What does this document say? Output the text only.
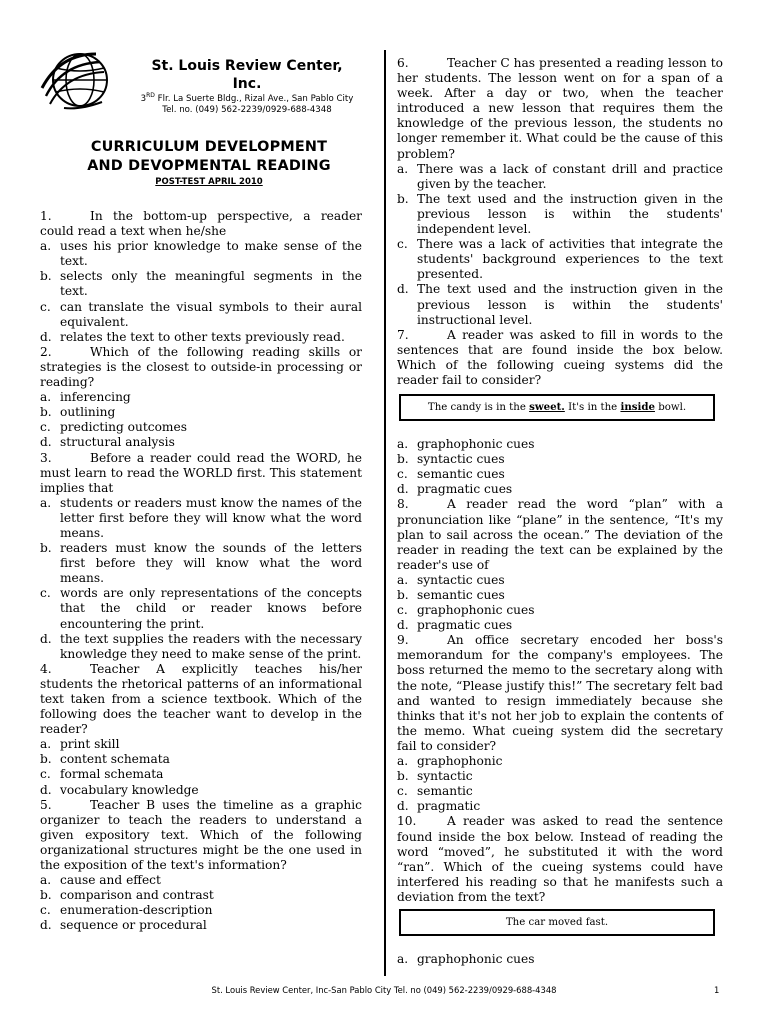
St. Louis Review Center,
Inc.
3RD Flr. La Suerte Bldg., Rizal Ave., San Pablo City
Tel. no. (049) 562-2239/0929-688-4348
CURRICULUM DEVELOPMENT
AND DEVOPMENTAL READING
POST-TEST APRIL 2010
1.	In the bottom-up perspective, a reader could read a text when he/she
a. uses his prior knowledge to make sense of the text.
b. selects only the meaningful segments in the text.
c. can translate the visual symbols to their aural equivalent.
d. relates the text to other texts previously read.
2.	Which of the following reading skills or strategies is the closest to outside-in processing or reading?
a. inferencing
b. outlining
c. predicting outcomes
d. structural analysis
3.	Before a reader could read the WORD, he must learn to read the WORLD first. This statement implies that
a. students or readers must know the names of the letter first before they will know what the word means.
b. readers must know the sounds of the letters first before they will know what the word means.
c. words are only representations of the concepts that the child or reader knows before encountering the print.
d. the text supplies the readers with the necessary knowledge they need to make sense of the print.
4.	Teacher A explicitly teaches his/her students the rhetorical patterns of an informational text taken from a science textbook. Which of the following does the teacher want to develop in the reader?
a. print skill
b. content schemata
c. formal schemata
d. vocabulary knowledge
5.	Teacher B uses the timeline as a graphic organizer to teach the readers to understand a given expository text. Which of the following organizational structures might be the one used in the exposition of the text's information?
a. cause and effect
b. comparison and contrast
c. enumeration-description
d. sequence or procedural
6.	Teacher C has presented a reading lesson to her students. The lesson went on for a span of a week. After a day or two, when the teacher introduced a new lesson that requires them the knowledge of the previous lesson, the students no longer remember it. What could be the cause of this problem?
a. There was a lack of constant drill and practice given by the teacher.
b. The text used and the instruction given in the previous lesson is within the students' independent level.
c. There was a lack of activities that integrate the students' background experiences to the text presented.
d. The text used and the instruction given in the previous lesson is within the students' instructional level.
7.	A reader was asked to fill in words to the sentences that are found inside the box below. Which of the following cueing systems did the reader fail to consider?
The candy is in the sweet. It's in the inside bowl.
a. graphophonic cues
b. syntactic cues
c. semantic cues
d. pragmatic cues
8.	A reader read the word “plan” with a pronunciation like “plane” in the sentence, “It's my plan to sail across the ocean.” The deviation of the reader in reading the text can be explained by the reader's use of
a. syntactic cues
b. semantic cues
c. graphophonic cues
d. pragmatic cues
9.	An office secretary encoded her boss's memorandum for the company's employees. The boss returned the memo to the secretary along with the note, “Please justify this!” The secretary felt bad and wanted to resign immediately because she thinks that it's not her job to explain the contents of the memo. What cueing system did the secretary fail to consider?
a. graphophonic
b. syntactic
c. semantic
d. pragmatic
10.	A reader was asked to read the sentence found inside the box below. Instead of reading the word “moved”, he substituted it with the word “ran”. Which of the cueing systems could have interfered his reading so that he manifests such a deviation from the text?
The car moved fast.
a. graphophonic cues
St. Louis Review Center, Inc-San Pablo City Tel. no (049) 562-2239/0929-688-4348	1
